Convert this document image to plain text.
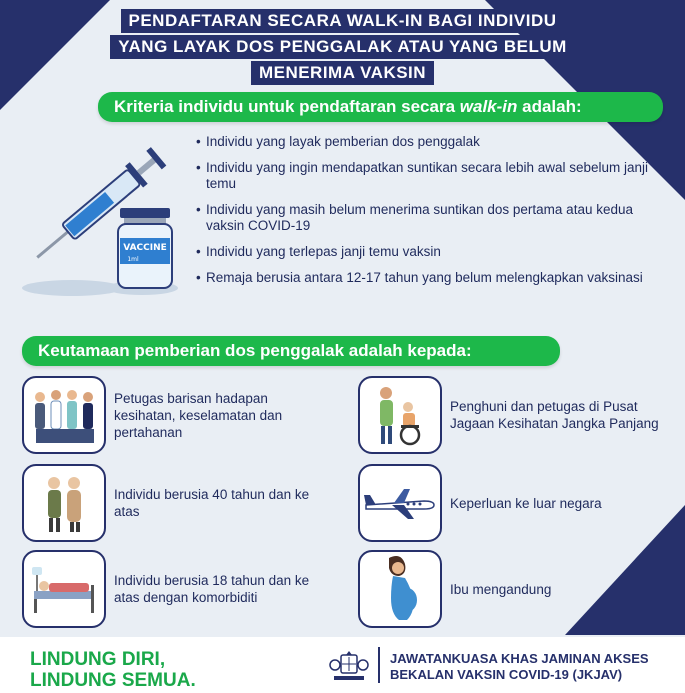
PENDAFTARAN SECARA WALK-IN BAGI INDIVIDU
YANG LAYAK DOS PENGGALAK ATAU YANG BELUM
MENERIMA VAKSIN
Kriteria individu untuk pendaftaran secara walk-in adalah:
VACCINE
1ml
• Individu yang layak pemberian dos penggalak
• Individu yang ingin mendapatkan suntikan secara lebih awal sebelum janji temu
• Individu yang masih belum menerima suntikan dos pertama atau kedua vaksin COVID-19
• Individu yang terlepas janji temu vaksin
• Remaja berusia antara 12-17 tahun yang belum melengkapkan vaksinasi
Keutamaan pemberian dos penggalak adalah kepada:
Petugas barisan hadapan kesihatan, keselamatan dan pertahanan
Individu berusia 40 tahun dan ke atas
Individu berusia 18 tahun dan ke atas dengan komorbiditi
Penghuni dan petugas di Pusat Jagaan Kesihatan Jangka Panjang
Keperluan ke luar negara
Ibu mengandung
LINDUNG DIRI,
LINDUNG SEMUA.
JAWATANKUASA KHAS JAMINAN AKSES
BEKALAN VAKSIN COVID-19 (JKJAV)
